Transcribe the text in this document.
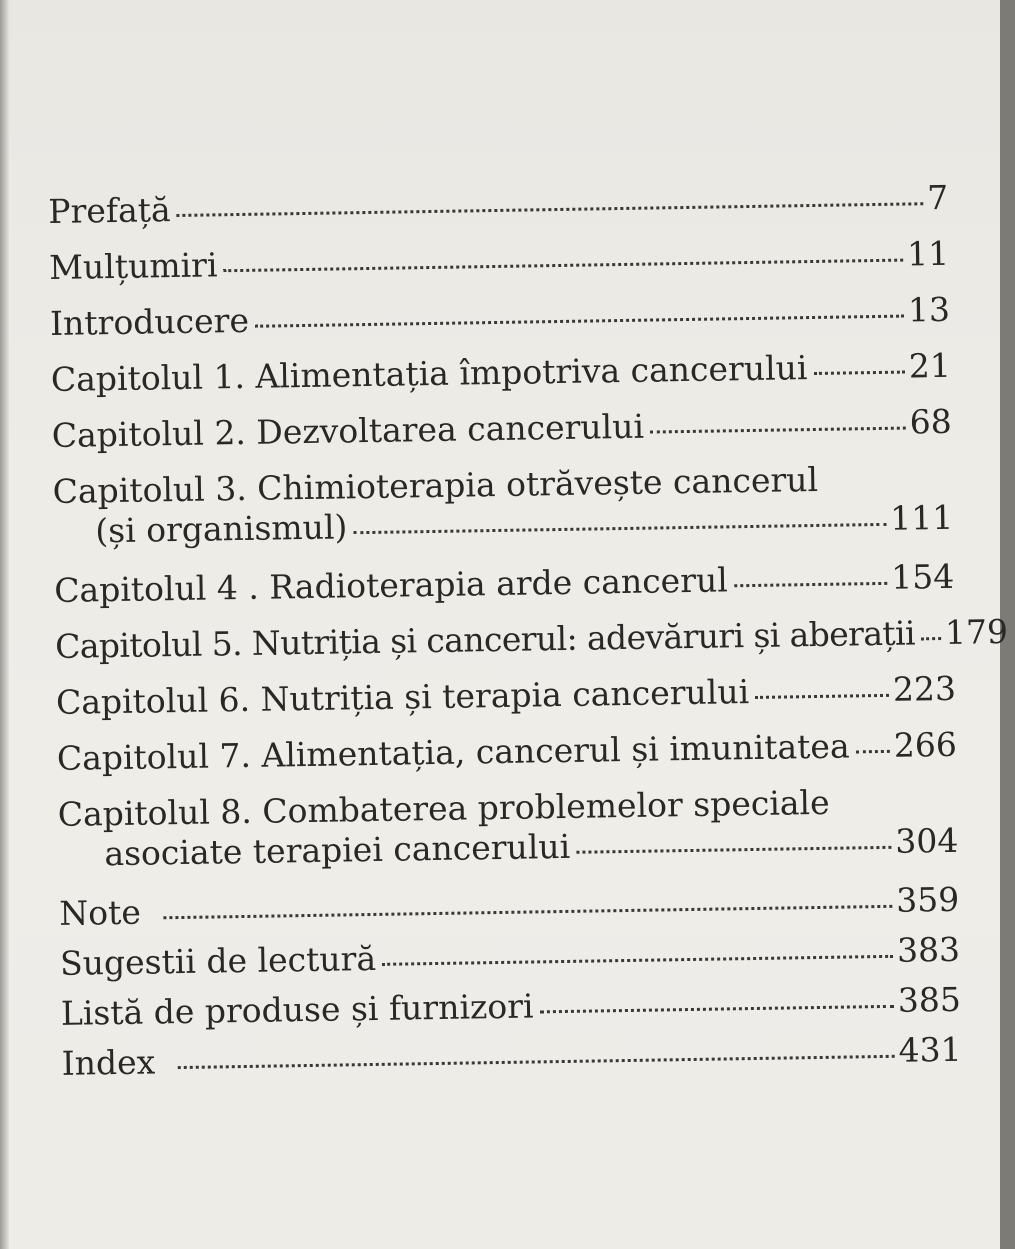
Prefață	7
Mulțumiri	11
Introducere	13
Capitolul 1. Alimentația împotriva cancerului	21
Capitolul 2. Dezvoltarea cancerului	68
Capitolul 3. Chimioterapia otrăvește cancerul
(și organismul)	111
Capitolul 4 . Radioterapia arde cancerul	154
Capitolul 5. Nutriția și cancerul: adevăruri și aberații 179
Capitolul 6. Nutriția și terapia cancerului	223
Capitolul 7. Alimentația, cancerul și imunitatea 266
Capitolul 8. Combaterea problemelor speciale
asociate terapiei cancerului	304
Note	359
Sugestii de lectură	383
Listă de produse și furnizori	385
Index	431
